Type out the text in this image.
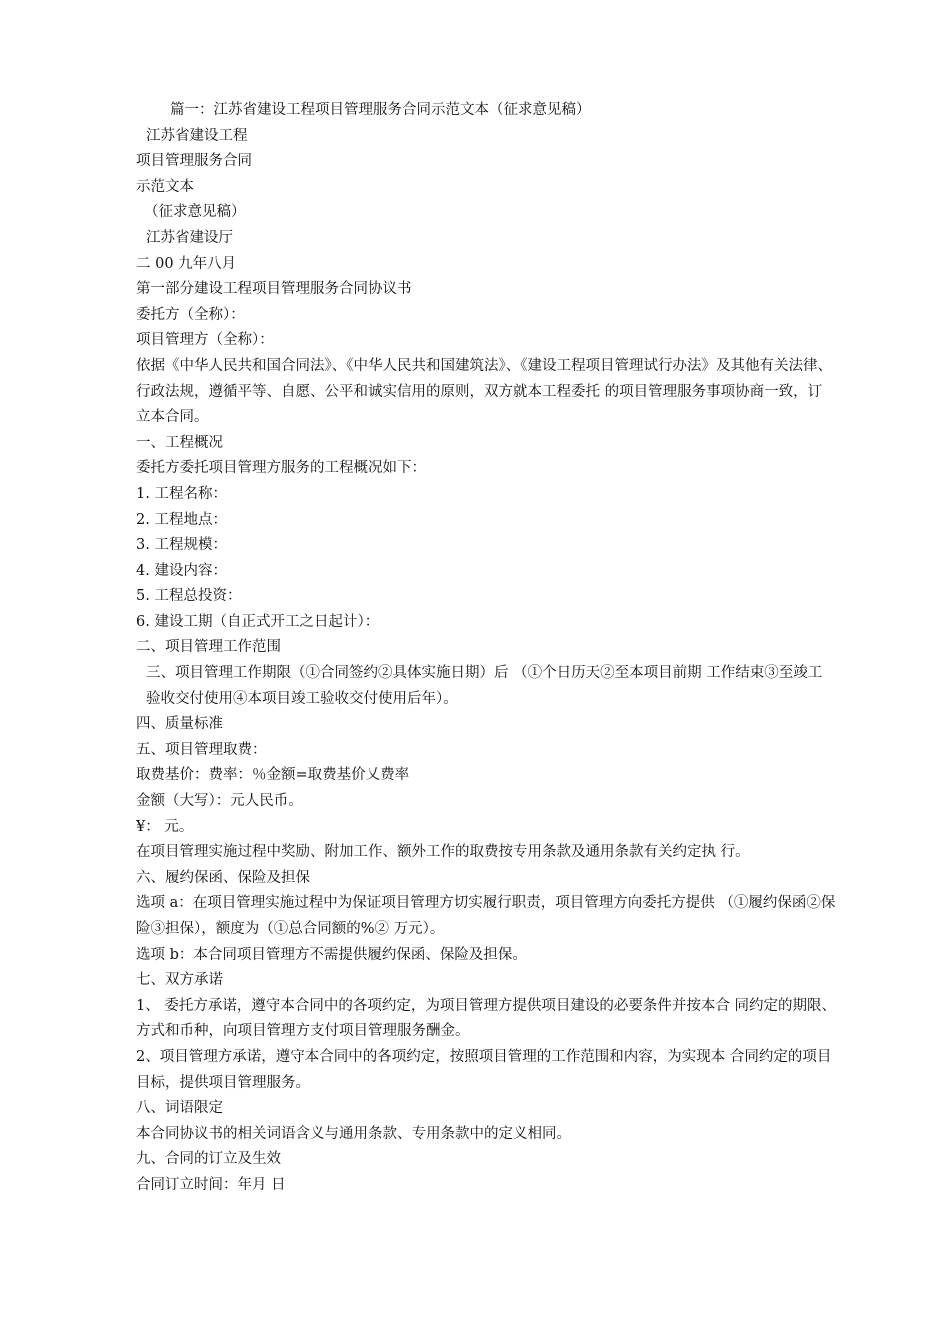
篇一：江苏省建设工程项目管理服务合同示范文本（征求意见稿）
江苏省建设工程
项目管理服务合同
示范文本
（征求意见稿）
江苏省建设厅
二 00 九年八月
第一部分建设工程项目管理服务合同协议书
委托方（全称）：
项目管理方（全称）：
依据《中华人民共和国合同法》、《中华人民共和国建筑法》、《建设工程项目管理试行办法》及其他有关法律、行政法规，遵循平等、自愿、公平和诚实信用的原则，双方就本工程委托 的项目管理服务事项协商一致，订立本合同。
一、工程概况
委托方委托项目管理方服务的工程概况如下：
1. 工程名称：
2. 工程地点：
3. 工程规模：
4. 建设内容：
5. 工程总投资：
6. 建设工期（自正式开工之日起计）：
二、项目管理工作范围
三、项目管理工作期限（①合同签约②具体实施日期）后 （①个日历天②至本项目前期 工作结束③至竣工验收交付使用④本项目竣工验收交付使用后年）。
四、质量标准
五、项目管理取费：
取费基价：费率：％金额=取费基价乂费率
金额（大写）：元人民币。
¥： 元。
在项目管理实施过程中奖励、附加工作、额外工作的取费按专用条款及通用条款有关约定执 行。
六、履约保函、保险及担保
选项 a：在项目管理实施过程中为保证项目管理方切实履行职责，项目管理方向委托方提供 （①履约保函②保险③担保），额度为（①总合同额的%② 万元）。
选项 b：本合同项目管理方不需提供履约保函、保险及担保。
七、双方承诺
1、 委托方承诺，遵守本合同中的各项约定，为项目管理方提供项目建设的必要条件并按本合 同约定的期限、方式和币种，向项目管理方支付项目管理服务酬金。
2、项目管理方承诺，遵守本合同中的各项约定，按照项目管理的工作范围和内容，为实现本 合同约定的项目目标，提供项目管理服务。
八、词语限定
本合同协议书的相关词语含义与通用条款、专用条款中的定义相同。
九、合同的订立及生效
合同订立时间：年月 日
